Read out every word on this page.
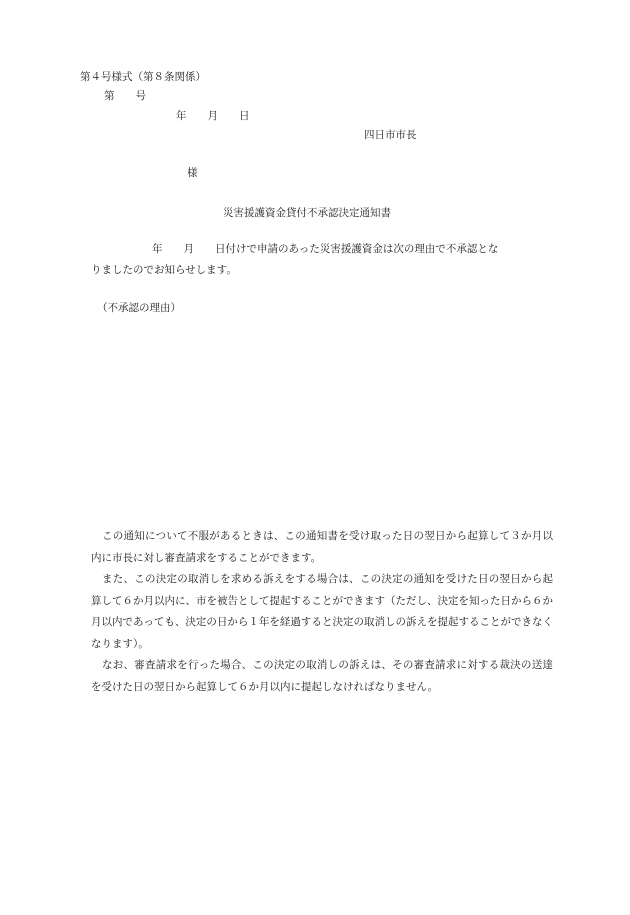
第４号様式（第８条関係）

第　　号

年　　月　　日

四日市市長

様

災害援護資金貸付不承認決定通知書

年　　月　　日付けで申請のあった災害援護資金は次の理由で不承認とな

りましたのでお知らせします。

（不承認の理由）

この通知について不服があるときは、この通知書を受け取った日の翌日から起算して３か月以内に市長に対し審査請求をすることができます。

また、この決定の取消しを求める訴えをする場合は、この決定の通知を受けた日の翌日から起算して６か月以内に、市を被告として提起することができます（ただし、決定を知った日から６か月以内であっても、決定の日から１年を経過すると決定の取消しの訴えを提起することができなくなります）。

なお、審査請求を行った場合、この決定の取消しの訴えは、その審査請求に対する裁決の送達を受けた日の翌日から起算して６か月以内に提起しなければなりません。
